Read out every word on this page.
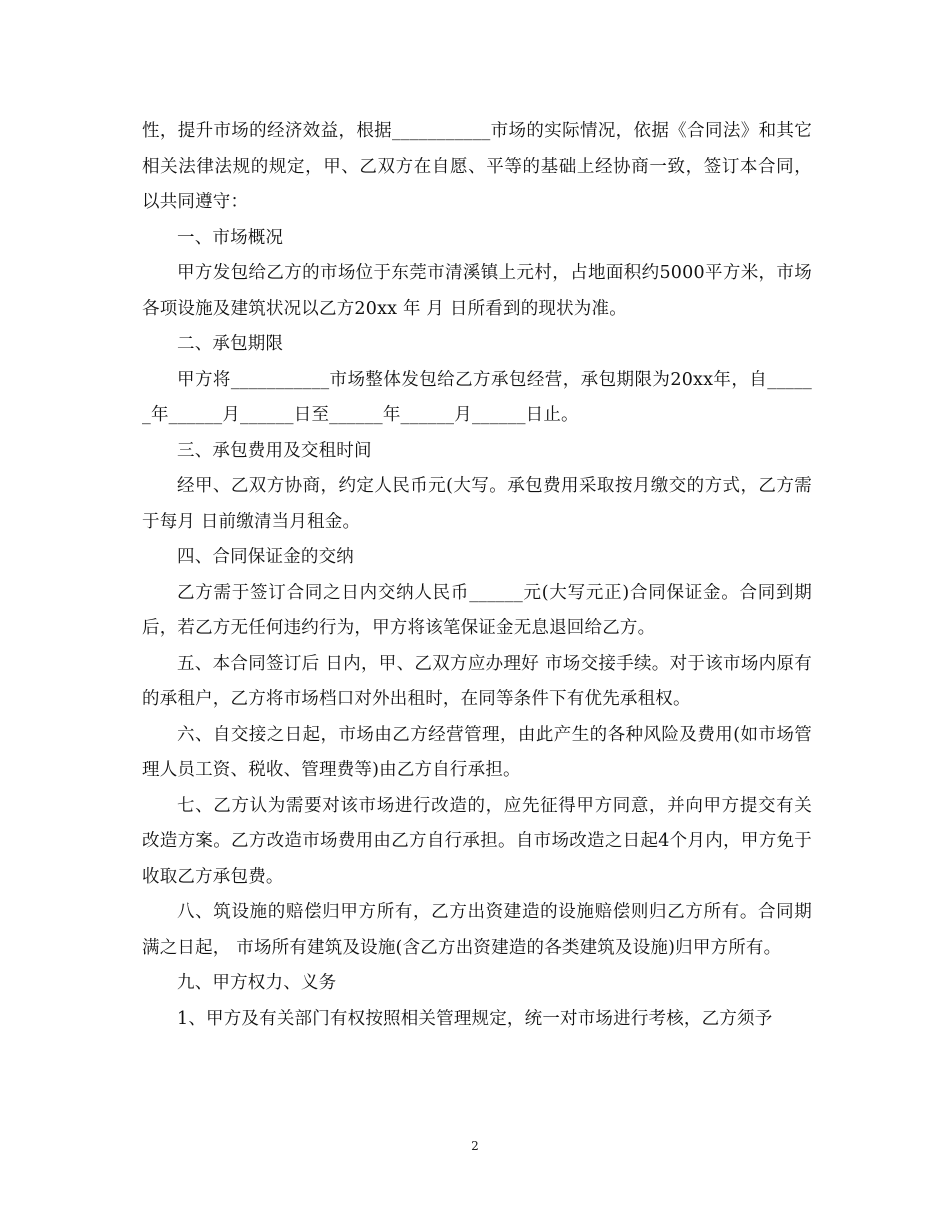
性，提升市场的经济效益，根据___________市场的实际情况，依据《合同法》和其它相关法律法规的规定，甲、乙双方在自愿、平等的基础上经协商一致，签订本合同，以共同遵守：

一、市场概况

甲方发包给乙方的市场位于东莞市清溪镇上元村，占地面积约5000平方米，市场各项设施及建筑状况以乙方20xx 年 月 日所看到的现状为准。

二、承包期限

甲方将___________市场整体发包给乙方承包经营，承包期限为20xx年，自______年______月______日至______年______月______日止。

三、承包费用及交租时间

经甲、乙双方协商，约定人民币元(大写。承包费用采取按月缴交的方式，乙方需于每月 日前缴清当月租金。

四、合同保证金的交纳

乙方需于签订合同之日内交纳人民币______元(大写元正)合同保证金。合同到期后，若乙方无任何违约行为，甲方将该笔保证金无息退回给乙方。

五、本合同签订后 日内，甲、乙双方应办理好 市场交接手续。对于该市场内原有的承租户，乙方将市场档口对外出租时，在同等条件下有优先承租权。

六、自交接之日起，市场由乙方经营管理，由此产生的各种风险及费用(如市场管理人员工资、税收、管理费等)由乙方自行承担。

七、乙方认为需要对该市场进行改造的，应先征得甲方同意，并向甲方提交有关改造方案。乙方改造市场费用由乙方自行承担。自市场改造之日起4个月内，甲方免于收取乙方承包费。

八、筑设施的赔偿归甲方所有，乙方出资建造的设施赔偿则归乙方所有。合同期满之日起， 市场所有建筑及设施(含乙方出资建造的各类建筑及设施)归甲方所有。

九、甲方权力、义务

1、甲方及有关部门有权按照相关管理规定，统一对市场进行考核，乙方须予

2
